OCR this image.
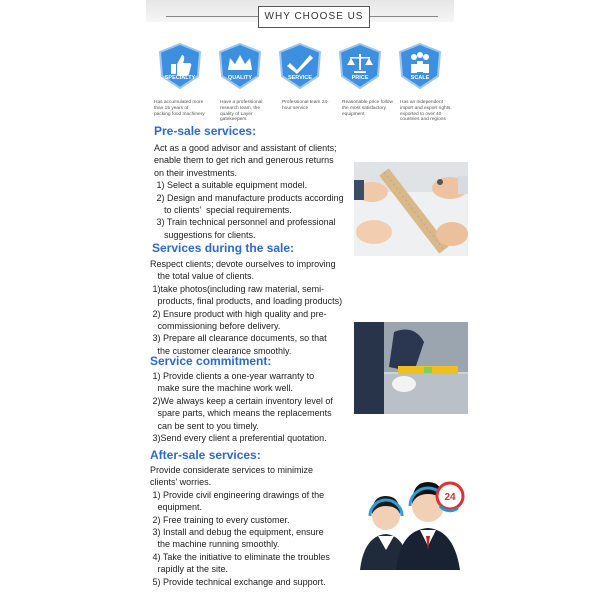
WHY CHOOSE US
SPECIALTY	QUALITY	SERVICE	PRICE	SCALE
Has accumulated more than 15 years of packing food machinery
Have a professional research team, the quality of Layer gatekeepers
Professional team 24-hour service
Reasonable price follow the most satisfactory equipment
Has an independent import and export rights, exported to over 40 countries and regions
Pre-sale services:
Act as a good advisor and assistant of clients;
enable them to get rich and generous returns
on their investments.
1) Select a suitable equipment model.
2) Design and manufacture products according
to clients’  special requirements.
3) Train technical personnel and professional
suggestions for clients.
Services during the sale:
Respect clients; devote ourselves to improving
the total value of clients.
1)take photos(including raw material, semi-
products, final products, and loading products)
2) Ensure product with high quality and pre-
commissioning before delivery.
3) Prepare all clearance documents, so that
the customer clearance smoothly.
Service commitment:
1) Provide clients a one-year warranty to
make sure the machine work well.
2)We always keep a certain inventory level of
spare parts, which means the replacements
can be sent to you timely.
3)Send every client a preferential quotation.
After-sale services:
Provide considerate services to minimize
clients’ worries.
1) Provide civil engineering drawings of the
equipment.
2) Free training to every customer.
3) Install and debug the equipment, ensure
the machine running smoothly.
4) Take the initiative to eliminate the troubles
rapidly at the site.
5) Provide technical exchange and support.
24
